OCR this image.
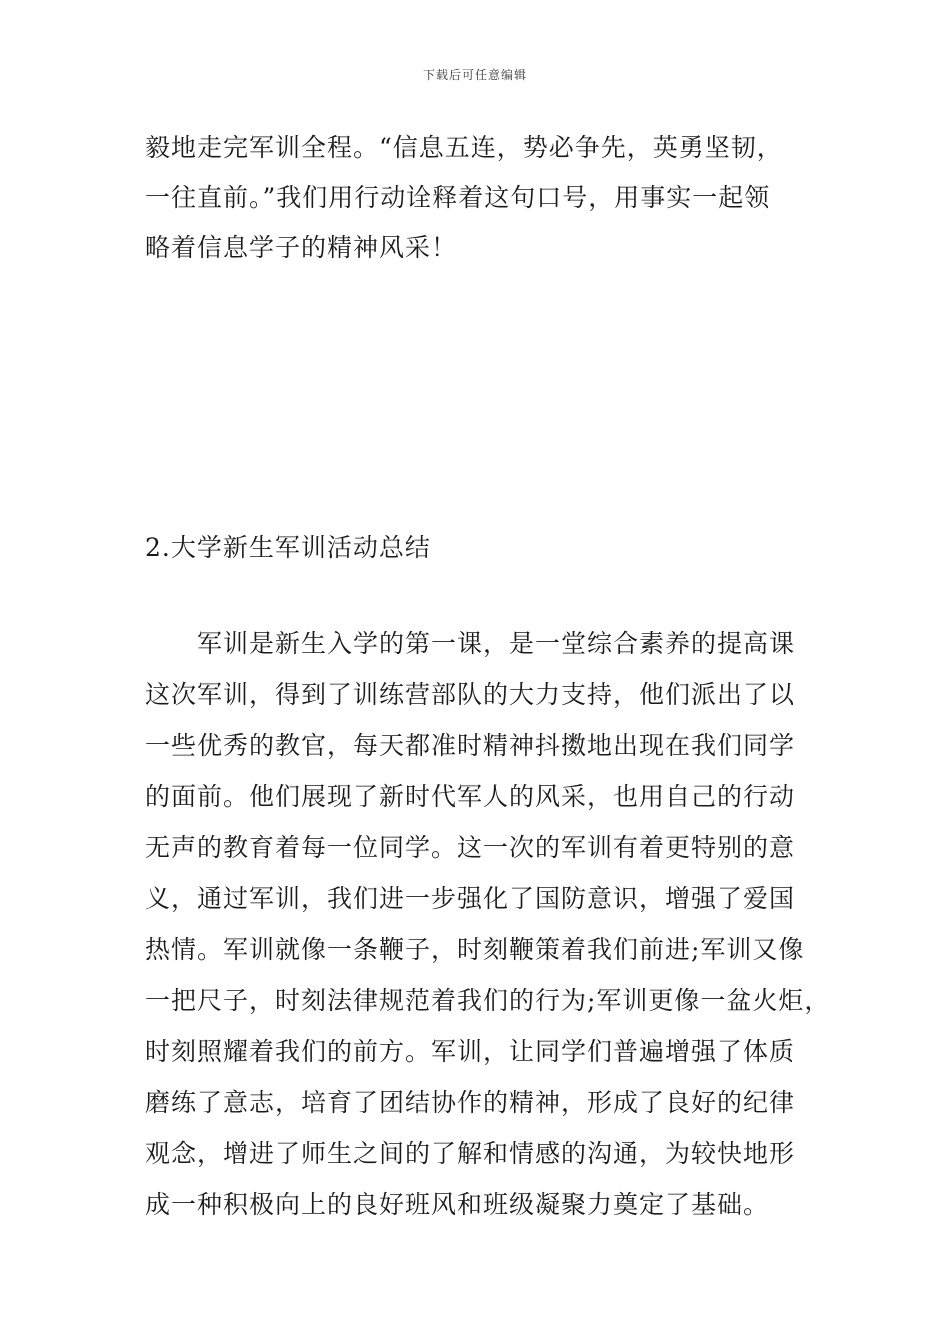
下载后可任意编辑
毅地走完军训全程。“信息五连，势必争先，英勇坚韧，
一往直前。”我们用行动诠释着这句口号，用事实一起领
略着信息学子的精神风采！
2.大学新生军训活动总结
　　军训是新生入学的第一课，是一堂综合素养的提高课
这次军训，得到了训练营部队的大力支持，他们派出了以
一些优秀的教官，每天都准时精神抖擞地出现在我们同学
的面前。他们展现了新时代军人的风采，也用自己的行动
无声的教育着每一位同学。这一次的军训有着更特别的意
义，通过军训，我们进一步强化了国防意识，增强了爱国
热情。军训就像一条鞭子，时刻鞭策着我们前进;军训又像
一把尺子，时刻法律规范着我们的行为;军训更像一盆火炬，
时刻照耀着我们的前方。军训，让同学们普遍增强了体质
磨练了意志，培育了团结协作的精神，形成了良好的纪律
观念，增进了师生之间的了解和情感的沟通，为较快地形
成一种积极向上的良好班风和班级凝聚力奠定了基础。
